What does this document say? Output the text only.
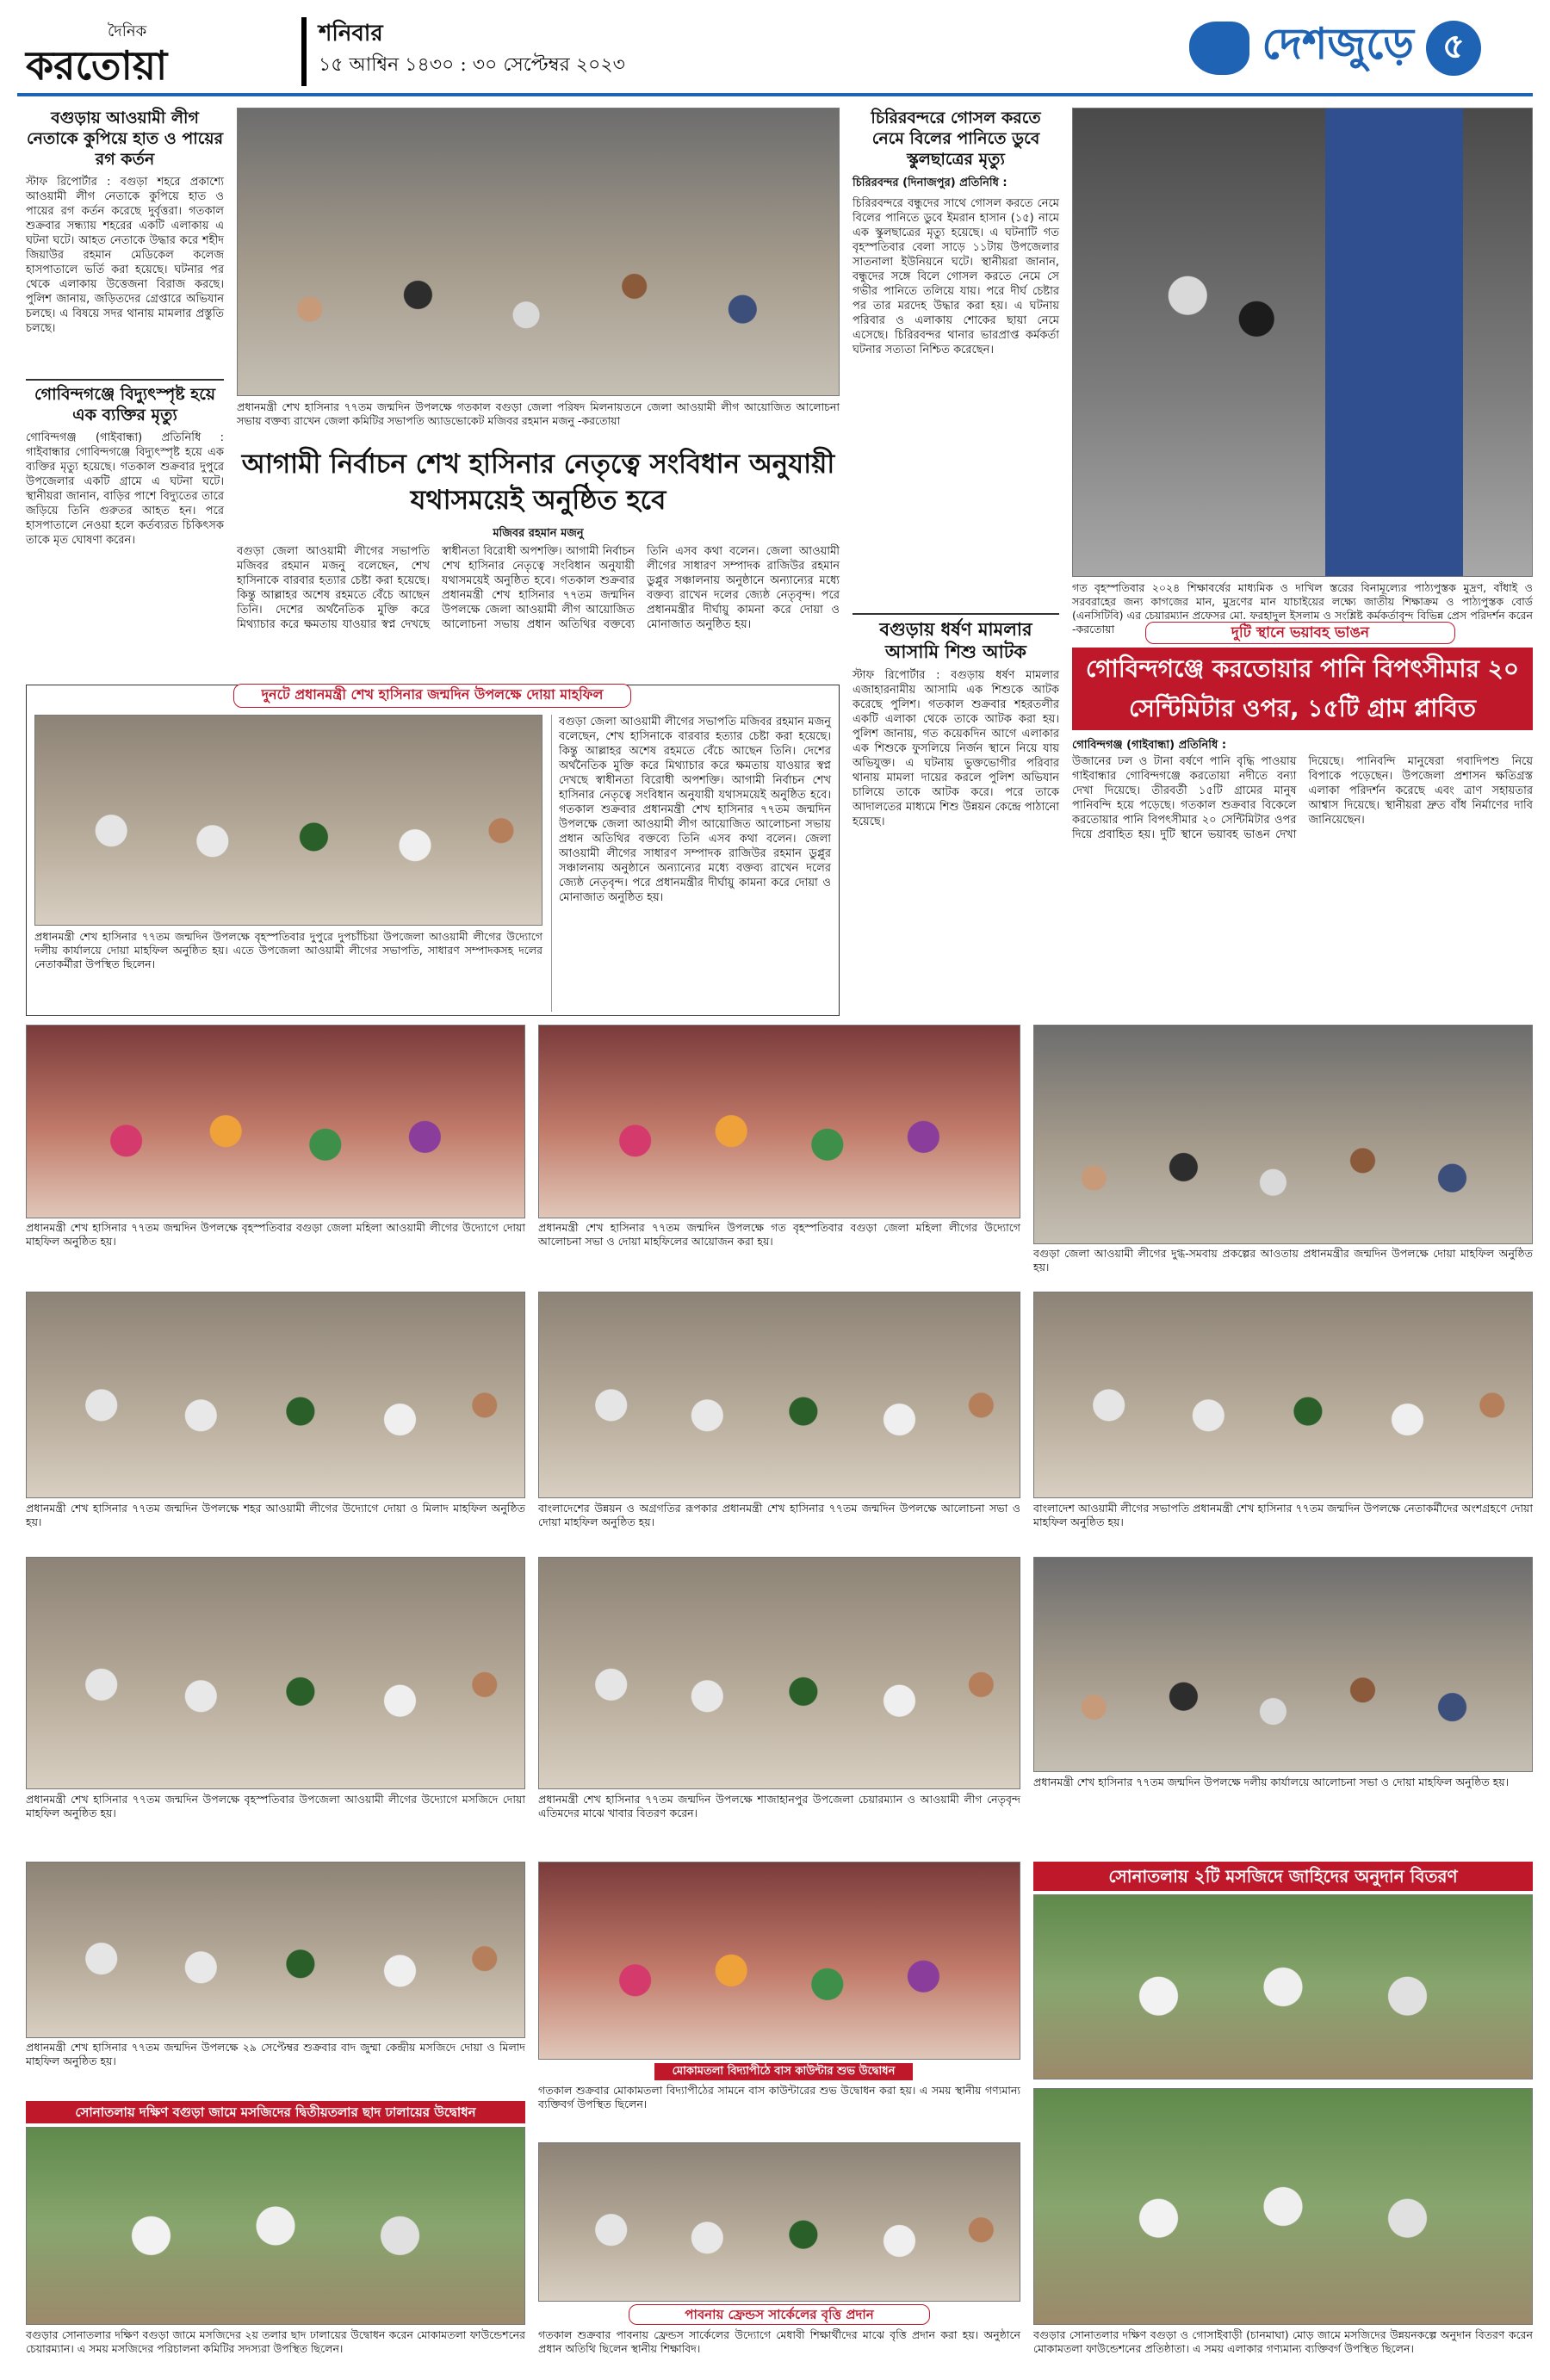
দৈনিক
করতোয়া
শনিবার
১৫ আশ্বিন ১৪৩০ : ৩০ সেপ্টেম্বর ২০২৩	দেশজুড়ে ৫
বগুড়ায় আওয়ামী লীগ নেতাকে কুপিয়ে হাত ও পায়ের রগ কর্তন
স্টাফ রিপোর্টার : বগুড়া শহরে প্রকাশ্যে আওয়ামী লীগ নেতাকে কুপিয়ে হাত ও পায়ের রগ কর্তন করেছে দুর্বৃত্তরা। গতকাল শুক্রবার সন্ধ্যায় শহরের একটি এলাকায় এ ঘটনা ঘটে। আহত নেতাকে উদ্ধার করে শহীদ জিয়াউর রহমান মেডিকেল কলেজ হাসপাতালে ভর্তি করা হয়েছে। ঘটনার পর থেকে এলাকায় উত্তেজনা বিরাজ করছে। পুলিশ জানায়, জড়িতদের গ্রেপ্তারে অভিযান চলছে। এ বিষয়ে সদর থানায় মামলার প্রস্তুতি চলছে।
গোবিন্দগঞ্জে বিদ্যুৎস্পৃষ্ট হয়ে এক ব্যক্তির মৃত্যু
গোবিন্দগঞ্জ (গাইবান্ধা) প্রতিনিধি : গাইবান্ধার গোবিন্দগঞ্জে বিদ্যুৎস্পৃষ্ট হয়ে এক ব্যক্তির মৃত্যু হয়েছে। গতকাল শুক্রবার দুপুরে উপজেলার একটি গ্রামে এ ঘটনা ঘটে। স্থানীয়রা জানান, বাড়ির পাশে বিদ্যুতের তারে জড়িয়ে তিনি গুরুতর আহত হন। পরে হাসপাতালে নেওয়া হলে কর্তব্যরত চিকিৎসক তাকে মৃত ঘোষণা করেন।
প্রধানমন্ত্রী শেখ হাসিনার ৭৭তম জন্মদিন উপলক্ষে গতকাল বগুড়া জেলা পরিষদ মিলনায়তনে জেলা আওয়ামী লীগ আয়োজিত আলোচনা সভায় বক্তব্য রাখেন জেলা কমিটির সভাপতি অ্যাডভোকেট মজিবর রহমান মজনু -করতোয়া
আগামী নির্বাচন শেখ হাসিনার নেতৃত্বে সংবিধান অনুযায়ী যথাসময়েই অনুষ্ঠিত হবে
মজিবর রহমান মজনু
বগুড়া জেলা আওয়ামী লীগের সভাপতি মজিবর রহমান মজনু বলেছেন, শেখ হাসিনাকে বারবার হত্যার চেষ্টা করা হয়েছে। কিন্তু আল্লাহর অশেষ রহমতে বেঁচে আছেন তিনি। দেশের অর্থনৈতিক মুক্তি করে মিথ্যাচার করে ক্ষমতায় যাওয়ার স্বপ্ন দেখছে স্বাধীনতা বিরোধী অপশক্তি। আগামী নির্বাচন শেখ হাসিনার নেতৃত্বে সংবিধান অনুযায়ী যথাসময়েই অনুষ্ঠিত হবে। গতকাল শুক্রবার প্রধানমন্ত্রী শেখ হাসিনার ৭৭তম জন্মদিন উপলক্ষে জেলা আওয়ামী লীগ আয়োজিত আলোচনা সভায় প্রধান অতিথির বক্তব্যে তিনি এসব কথা বলেন। জেলা আওয়ামী লীগের সাধারণ সম্পাদক রাজিউর রহমান ডুপ্লুর সঞ্চালনায় অনুষ্ঠানে অন্যান্যের মধ্যে বক্তব্য রাখেন দলের জ্যেষ্ঠ নেতৃবৃন্দ। পরে প্রধানমন্ত্রীর দীর্ঘায়ু কামনা করে দোয়া ও মোনাজাত অনুষ্ঠিত হয়।
চিরিরবন্দরে গোসল করতে নেমে বিলের পানিতে ডুবে স্কুলছাত্রের মৃত্যু
চিরিরবন্দর (দিনাজপুর) প্রতিনিধি :
চিরিরবন্দরে বন্ধুদের সাথে গোসল করতে নেমে বিলের পানিতে ডুবে ইমরান হাসান (১৫) নামে এক স্কুলছাত্রের মৃত্যু হয়েছে। এ ঘটনাটি গত বৃহস্পতিবার বেলা সাড়ে ১১টায় উপজেলার সাতনালা ইউনিয়নে ঘটে। স্থানীয়রা জানান, বন্ধুদের সঙ্গে বিলে গোসল করতে নেমে সে গভীর পানিতে তলিয়ে যায়। পরে দীর্ঘ চেষ্টার পর তার মরদেহ উদ্ধার করা হয়। এ ঘটনায় পরিবার ও এলাকায় শোকের ছায়া নেমে এসেছে। চিরিরবন্দর থানার ভারপ্রাপ্ত কর্মকর্তা ঘটনার সত্যতা নিশ্চিত করেছেন।
গত বৃহস্পতিবার ২০২৪ শিক্ষাবর্ষের মাধ্যমিক ও দাখিল স্তরের বিনামূল্যের পাঠ্যপুস্তক মুদ্রণ, বাঁধাই ও সরবরাহের জন্য কাগজের মান, মুদ্রণের মান যাচাইয়ের লক্ষ্যে জাতীয় শিক্ষাক্রম ও পাঠ্যপুস্তক বোর্ড (এনসিটিবি) এর চেয়ারম্যান প্রফেসর মো. ফরহাদুল ইসলাম ও সংশ্লিষ্ট কর্মকর্তাবৃন্দ বিভিন্ন প্রেস পরিদর্শন করেন -করতোয়া
বগুড়ায় ধর্ষণ মামলার আসামি শিশু আটক
স্টাফ রিপোর্টার : বগুড়ায় ধর্ষণ মামলার এজাহারনামীয় আসামি এক শিশুকে আটক করেছে পুলিশ। গতকাল শুক্রবার শহরতলীর একটি এলাকা থেকে তাকে আটক করা হয়। পুলিশ জানায়, গত কয়েকদিন আগে এলাকার এক শিশুকে ফুসলিয়ে নির্জন স্থানে নিয়ে যায় অভিযুক্ত। এ ঘটনায় ভুক্তভোগীর পরিবার থানায় মামলা দায়ের করলে পুলিশ অভিযান চালিয়ে তাকে আটক করে। পরে তাকে আদালতের মাধ্যমে শিশু উন্নয়ন কেন্দ্রে পাঠানো হয়েছে।
দুটি স্থানে ভয়াবহ ভাঙন
গোবিন্দগঞ্জে করতোয়ার পানি বিপৎসীমার ২০ সেন্টিমিটার ওপর, ১৫টি গ্রাম প্লাবিত
গোবিন্দগঞ্জ (গাইবান্ধা) প্রতিনিধি :
উজানের ঢল ও টানা বর্ষণে পানি বৃদ্ধি পাওয়ায় গাইবান্ধার গোবিন্দগঞ্জে করতোয়া নদীতে বন্যা দেখা দিয়েছে। তীরবর্তী ১৫টি গ্রামের মানুষ পানিবন্দি হয়ে পড়েছে। গতকাল শুক্রবার বিকেলে করতোয়ার পানি বিপৎসীমার ২০ সেন্টিমিটার ওপর দিয়ে প্রবাহিত হয়। দুটি স্থানে ভয়াবহ ভাঙন দেখা দিয়েছে। পানিবন্দি মানুষেরা গবাদিপশু নিয়ে বিপাকে পড়েছেন। উপজেলা প্রশাসন ক্ষতিগ্রস্ত এলাকা পরিদর্শন করেছে এবং ত্রাণ সহায়তার আশ্বাস দিয়েছে। স্থানীয়রা দ্রুত বাঁধ নির্মাণের দাবি জানিয়েছেন।
দুনটে প্রধানমন্ত্রী শেখ হাসিনার জন্মদিন উপলক্ষে দোয়া মাহফিল
প্রধানমন্ত্রী শেখ হাসিনার ৭৭তম জন্মদিন উপলক্ষে বৃহস্পতিবার দুপুরে দুপচাঁচিয়া উপজেলা আওয়ামী লীগের উদ্যোগে দলীয় কার্যালয়ে দোয়া মাহফিল অনুষ্ঠিত হয়। এতে উপজেলা আওয়ামী লীগের সভাপতি, সাধারণ সম্পাদকসহ দলের নেতাকর্মীরা উপস্থিত ছিলেন।
বগুড়া জেলা আওয়ামী লীগের সভাপতি মজিবর রহমান মজনু বলেছেন, শেখ হাসিনাকে বারবার হত্যার চেষ্টা করা হয়েছে। কিন্তু আল্লাহর অশেষ রহমতে বেঁচে আছেন তিনি। দেশের অর্থনৈতিক মুক্তি করে মিথ্যাচার করে ক্ষমতায় যাওয়ার স্বপ্ন দেখছে স্বাধীনতা বিরোধী অপশক্তি। আগামী নির্বাচন শেখ হাসিনার নেতৃত্বে সংবিধান অনুযায়ী যথাসময়েই অনুষ্ঠিত হবে। গতকাল শুক্রবার প্রধানমন্ত্রী শেখ হাসিনার ৭৭তম জন্মদিন উপলক্ষে জেলা আওয়ামী লীগ আয়োজিত আলোচনা সভায় প্রধান অতিথির বক্তব্যে তিনি এসব কথা বলেন। জেলা আওয়ামী লীগের সাধারণ সম্পাদক রাজিউর রহমান ডুপ্লুর সঞ্চালনায় অনুষ্ঠানে অন্যান্যের মধ্যে বক্তব্য রাখেন দলের জ্যেষ্ঠ নেতৃবৃন্দ। পরে প্রধানমন্ত্রীর দীর্ঘায়ু কামনা করে দোয়া ও মোনাজাত অনুষ্ঠিত হয়।
প্রধানমন্ত্রী শেখ হাসিনার ৭৭তম জন্মদিন উপলক্ষে বৃহস্পতিবার বগুড়া জেলা মহিলা আওয়ামী লীগের উদ্যোগে দোয়া মাহফিল অনুষ্ঠিত হয়।
প্রধানমন্ত্রী শেখ হাসিনার ৭৭তম জন্মদিন উপলক্ষে গত বৃহস্পতিবার বগুড়া জেলা মহিলা লীগের উদ্যোগে আলোচনা সভা ও দোয়া মাহফিলের আয়োজন করা হয়।
বগুড়া জেলা আওয়ামী লীগের দুগ্ধ-সমবায় প্রকল্পের আওতায় প্রধানমন্ত্রীর জন্মদিন উপলক্ষে দোয়া মাহফিল অনুষ্ঠিত হয়।
প্রধানমন্ত্রী শেখ হাসিনার ৭৭তম জন্মদিন উপলক্ষে শহর আওয়ামী লীগের উদ্যোগে দোয়া ও মিলাদ মাহফিল অনুষ্ঠিত হয়।
বাংলাদেশের উন্নয়ন ও অগ্রগতির রূপকার প্রধানমন্ত্রী শেখ হাসিনার ৭৭তম জন্মদিন উপলক্ষে আলোচনা সভা ও দোয়া মাহফিল অনুষ্ঠিত হয়।
বাংলাদেশ আওয়ামী লীগের সভাপতি প্রধানমন্ত্রী শেখ হাসিনার ৭৭তম জন্মদিন উপলক্ষে নেতাকর্মীদের অংশগ্রহণে দোয়া মাহফিল অনুষ্ঠিত হয়।
প্রধানমন্ত্রী শেখ হাসিনার ৭৭তম জন্মদিন উপলক্ষে বৃহস্পতিবার উপজেলা আওয়ামী লীগের উদ্যোগে মসজিদে দোয়া মাহফিল অনুষ্ঠিত হয়।
প্রধানমন্ত্রী শেখ হাসিনার ৭৭তম জন্মদিন উপলক্ষে শাজাহানপুর উপজেলা চেয়ারম্যান ও আওয়ামী লীগ নেতৃবৃন্দ এতিমদের মাঝে খাবার বিতরণ করেন।
প্রধানমন্ত্রী শেখ হাসিনার ৭৭তম জন্মদিন উপলক্ষে দলীয় কার্যালয়ে আলোচনা সভা ও দোয়া মাহফিল অনুষ্ঠিত হয়।
প্রধানমন্ত্রী শেখ হাসিনার ৭৭তম জন্মদিন উপলক্ষে ২৯ সেপ্টেম্বর শুক্রবার বাদ জুম্মা কেন্দ্রীয় মসজিদে দোয়া ও মিলাদ মাহফিল অনুষ্ঠিত হয়।
মোকামতলা বিদ্যাপীঠে বাস কাউন্টার শুভ উদ্বোধন
গতকাল শুক্রবার মোকামতলা বিদ্যাপীঠের সামনে বাস কাউন্টারের শুভ উদ্বোধন করা হয়। এ সময় স্থানীয় গণ্যমান্য ব্যক্তিবর্গ উপস্থিত ছিলেন।
সোনাতলায় ২টি মসজিদে জাহিদের অনুদান বিতরণ
সোনাতলায় দক্ষিণ বগুড়া জামে মসজিদের দ্বিতীয়তলার ছাদ ঢালায়ের উদ্বোধন
বগুড়ার সোনাতলার দক্ষিণ বগুড়া জামে মসজিদের ২য় তলার ছাদ ঢালায়ের উদ্বোধন করেন মোকামতলা ফাউন্ডেশনের চেয়ারম্যান। এ সময় মসজিদের পরিচালনা কমিটির সদস্যরা উপস্থিত ছিলেন।
পাবনায় ফ্রেন্ডস সার্কেলের বৃত্তি প্রদান
গতকাল শুক্রবার পাবনায় ফ্রেন্ডস সার্কেলের উদ্যোগে মেধাবী শিক্ষার্থীদের মাঝে বৃত্তি প্রদান করা হয়। অনুষ্ঠানে প্রধান অতিথি ছিলেন স্থানীয় শিক্ষাবিদ।
বগুড়ার সোনাতলার দক্ষিণ বগুড়া ও গোসাইবাড়ী (চানমাঘা) মোড় জামে মসজিদের উন্নয়নকল্পে অনুদান বিতরণ করেন মোকামতলা ফাউন্ডেশনের প্রতিষ্ঠাতা। এ সময় এলাকার গণ্যমান্য ব্যক্তিবর্গ উপস্থিত ছিলেন।
